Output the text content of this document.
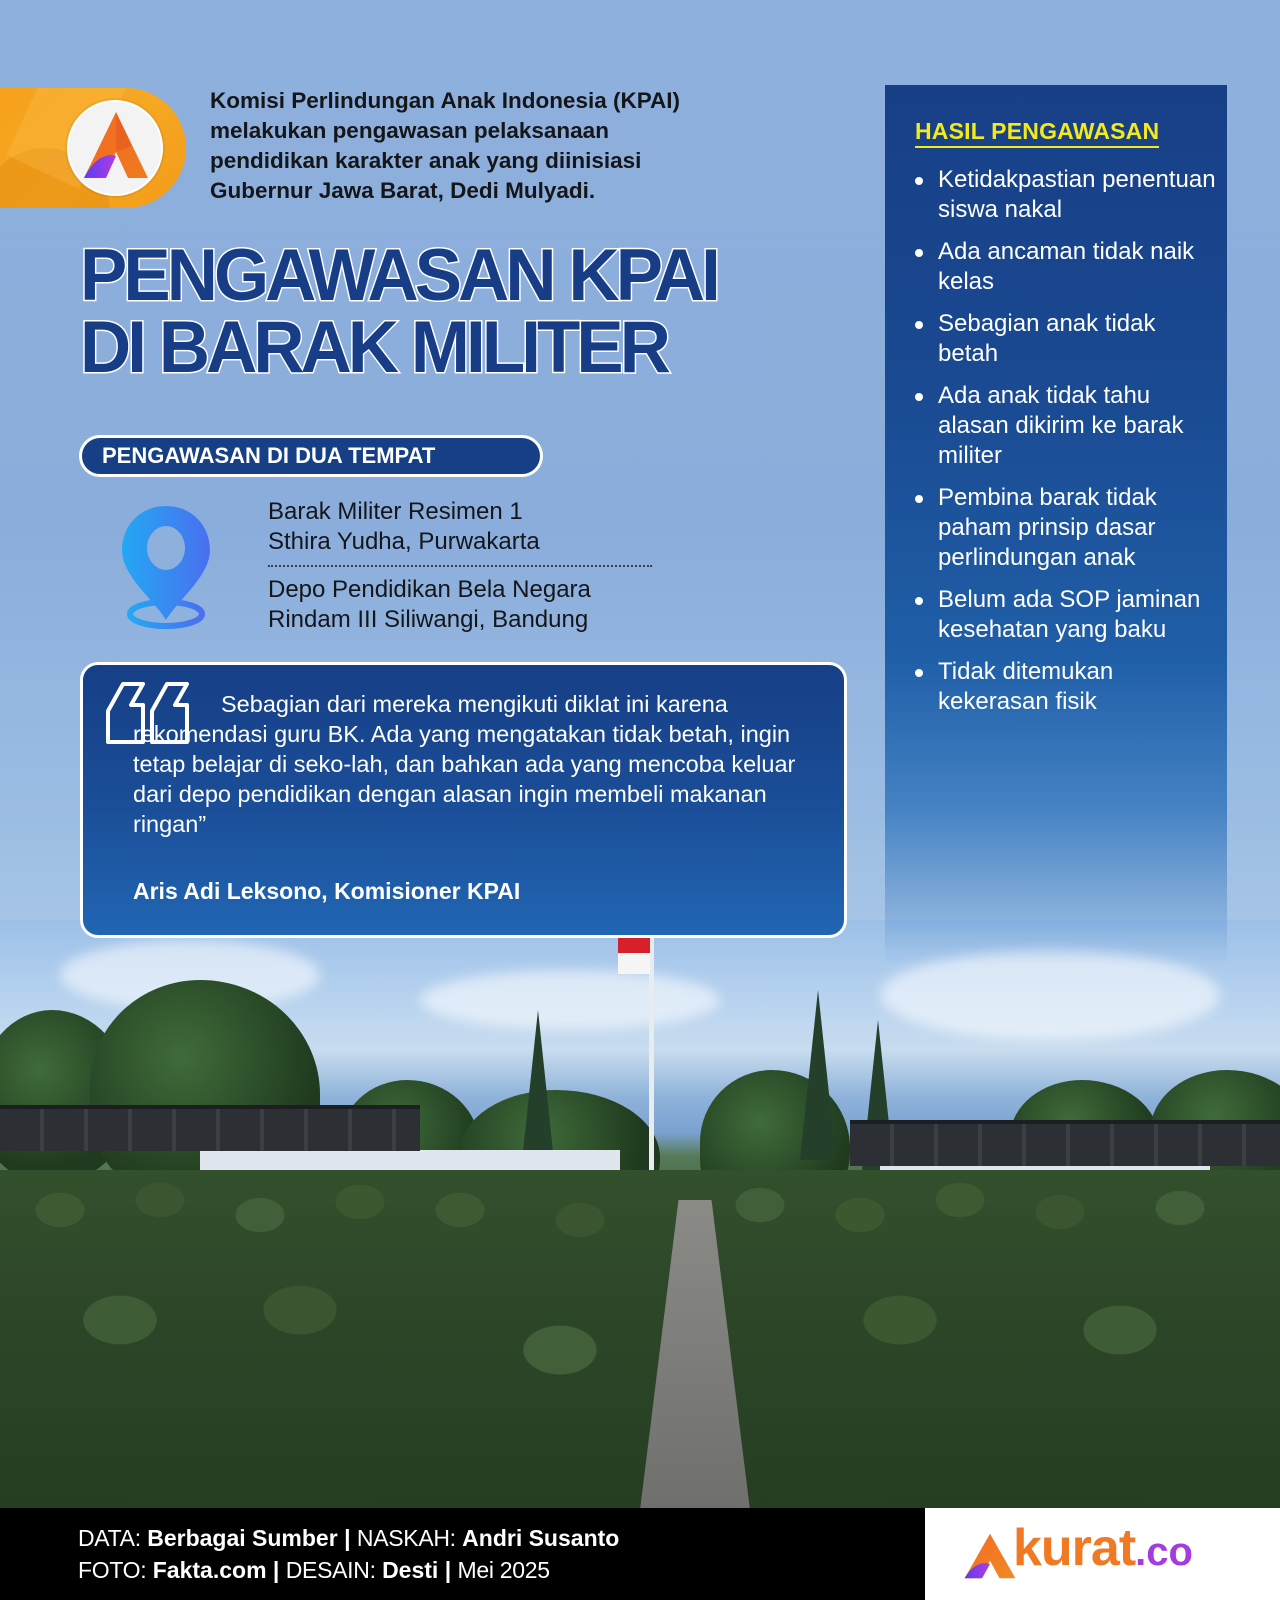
Komisi Perlindungan Anak Indonesia (KPAI)
melakukan pengawasan pelaksanaan
pendidikan karakter anak yang diinisiasi
Gubernur Jawa Barat, Dedi Mulyadi.
PENGAWASAN KPAI
DI BARAK MILITER
PENGAWASAN DI DUA TEMPAT
Barak Militer Resimen 1
Sthira Yudha, Purwakarta
Depo Pendidikan Bela Negara
Rindam III Siliwangi, Bandung
Sebagian dari mereka mengikuti diklat ini karena rekomendasi guru BK. Ada yang mengatakan tidak betah, ingin tetap belajar di seko-lah, dan bahkan ada yang mencoba keluar dari depo pendidikan dengan alasan ingin membeli makanan ringan”
Aris Adi Leksono, Komisioner KPAI
HASIL PENGAWASAN
Ketidakpastian penentuan siswa nakal
Ada ancaman tidak naik kelas
Sebagian anak tidak betah
Ada anak tidak tahu alasan dikirim ke barak militer
Pembina barak tidak paham prinsip dasar perlindungan anak
Belum ada SOP jaminan kesehatan yang baku
Tidak ditemukan kekerasan fisik
DATA: Berbagai Sumber | NASKAH: Andri Susanto
FOTO: Fakta.com | DESAIN: Desti | Mei 2025	kurat.co
